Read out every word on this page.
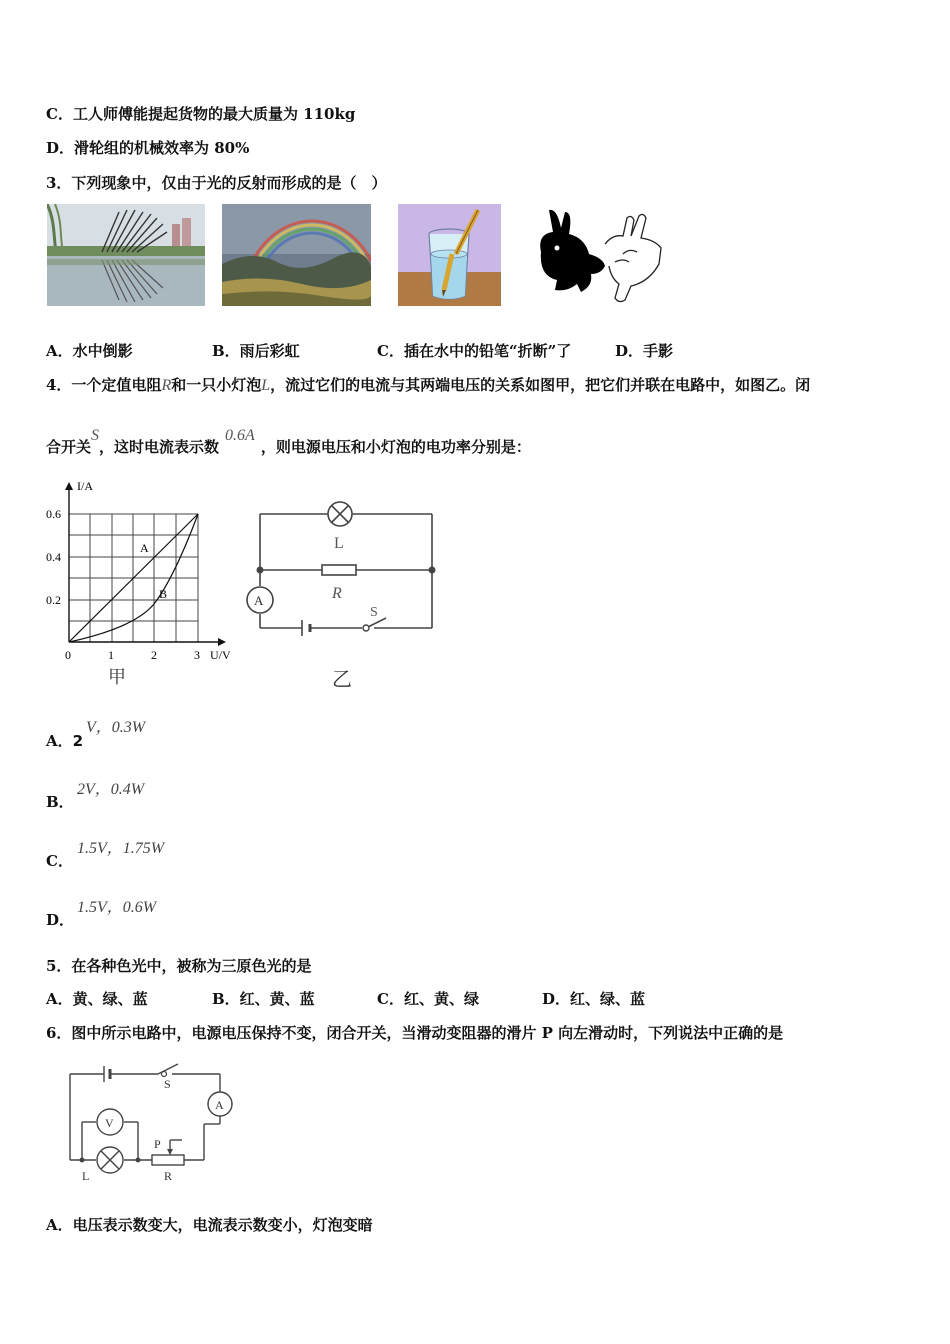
C．工人师傅能提起货物的最大质量为 110kg
D．滑轮组的机械效率为 80%
3．下列现象中，仅由于光的反射而形成的是（　）
A．水中倒影	B．雨后彩虹	C．插在水中的铅笔“折断”了	D．手影
4．一个定值电阻R和一只小灯泡L，流过它们的电流与其两端电压的关系如图甲，把它们并联在电路中，如图乙。闭
合开关S，这时电流表示数0.6A，则电源电压和小灯泡的电功率分别是：
I/A
U/V
0.6
0.4
0.2
0	1	2	3
A
B
甲
L
R
S
A
乙
A．2
V，0.3W
B．
2V，0.4W
C．
1.5V，1.75W
D．
1.5V，0.6W
5．在各种色光中，被称为三原色光的是
A．黄、绿、蓝	B．红、黄、蓝	C．红、黄、绿	D．红、绿、蓝
6．图中所示电路中，电源电压保持不变，闭合开关，当滑动变阻器的滑片 P 向左滑动时，下列说法中正确的是
S
A
V
L
P
R
A．电压表示数变大，电流表示数变小，灯泡变暗
